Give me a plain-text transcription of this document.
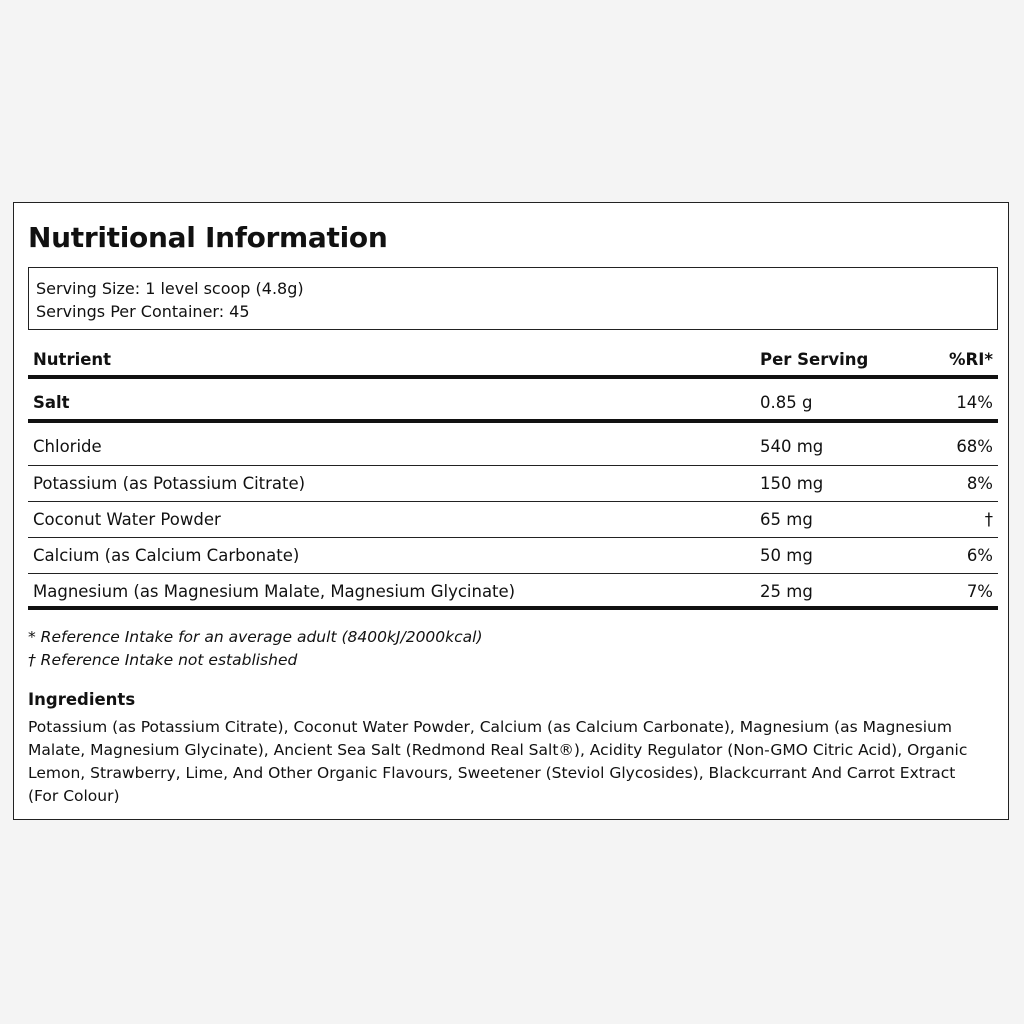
Nutritional Information
Serving Size: 1 level scoop (4.8g)
Servings Per Container: 45
Nutrient	Per Serving	%RI*
Salt	0.85 g	14%
Chloride	540 mg	68%
Potassium (as Potassium Citrate)	150 mg	8%
Coconut Water Powder	65 mg	†
Calcium (as Calcium Carbonate)	50 mg	6%
Magnesium (as Magnesium Malate, Magnesium Glycinate)	25 mg	7%
* Reference Intake for an average adult (8400kJ/2000kcal)
† Reference Intake not established
Ingredients
Potassium (as Potassium Citrate), Coconut Water Powder, Calcium (as Calcium Carbonate), Magnesium (as Magnesium Malate, Magnesium Glycinate), Ancient Sea Salt (Redmond Real Salt®), Acidity Regulator (Non-GMO Citric Acid), Organic Lemon, Strawberry, Lime, And Other Organic Flavours, Sweetener (Steviol Glycosides), Blackcurrant And Carrot Extract (For Colour)
